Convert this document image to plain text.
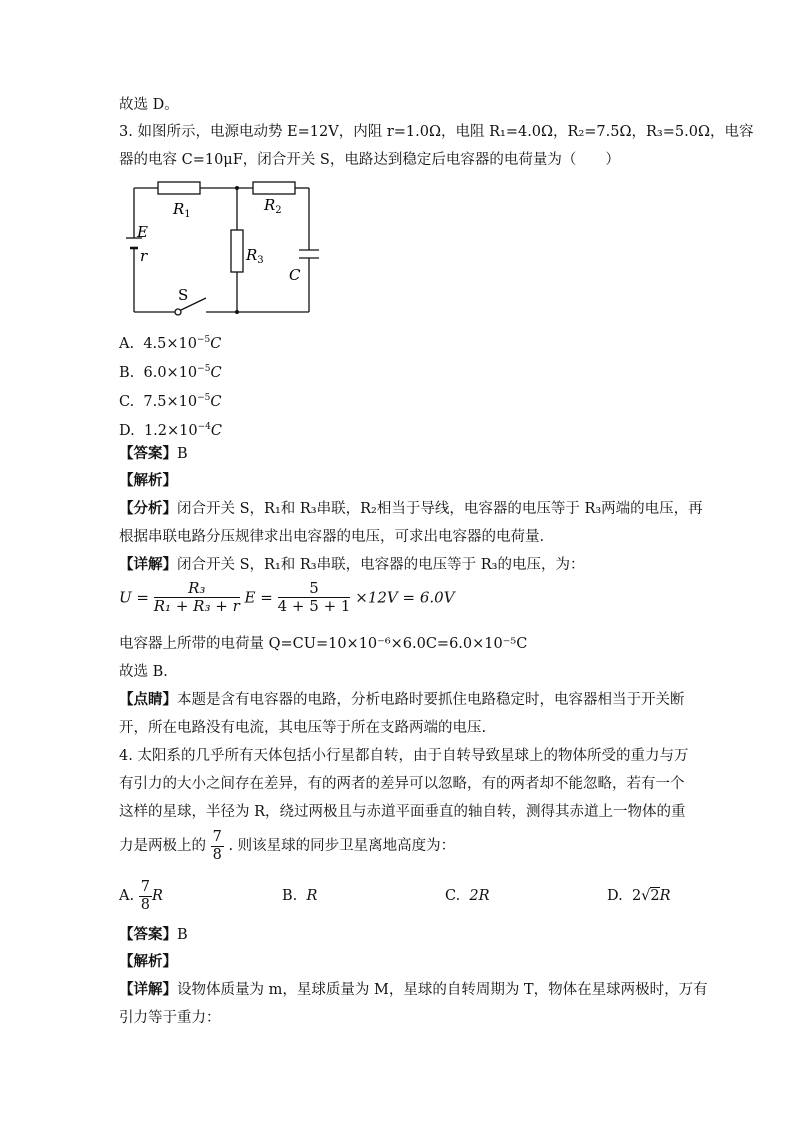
故选 D。
3. 如图所示，电源电动势 E=12V，内阻 r=1.0Ω，电阻 R₁=4.0Ω，R₂=7.5Ω，R₃=5.0Ω，电容
器的电容 C=10μF，闭合开关 S，电路达到稳定后电容器的电荷量为（　　）
$R_1$
$R_2$
$R_3$
E
r
C
S
A. $4.5\times 10^{-5}C$
B. $6.0\times 10^{-5}C$
C. $7.5\times 10^{-5}C$
D. $1.2\times 10^{-4}C$
【答案】B
【解析】
【分析】闭合开关 S，R₁和 R₃串联，R₂相当于导线，电容器的电压等于 R₃两端的电压，再
根据串联电路分压规律求出电容器的电压，可求出电容器的电荷量.
【详解】闭合开关 S，R₁和 R₃串联，电容器的电压等于 R₃的电压，为：
$U = \frac{\text{R₃}}{\text{R₁ + R₃ + r}}$ $E = \frac{5}{4 + 5 + 1} \times 12V = 6.0V$
电容器上所带的电荷量 Q=CU=10×10⁻⁶×6.0C=6.0×10⁻⁵C
故选 B.
【点睛】本题是含有电容器的电路，分析电路时要抓住电路稳定时，电容器相当于开关断
开，所在电路没有电流，其电压等于所在支路两端的电压.
4. 太阳系的几乎所有天体包括小行星都自转，由于自转导致星球上的物体所受的重力与万
有引力的大小之间存在差异，有的两者的差异可以忽略，有的两者却不能忽略，若有一个
这样的星球，半径为 R，绕过两极且与赤道平面垂直的轴自转，测得其赤道上一物体的重
力是两极上的 $\frac{7}{8}$ . 则该星球的同步卫星离地高度为：
A. $\frac{7}{8}$ R	B. R	C. 2R	D. 2√2R
【答案】B
【解析】
【详解】设物体质量为 m，星球质量为 M，星球的自转周期为 T，物体在星球两极时，万有
引力等于重力：
